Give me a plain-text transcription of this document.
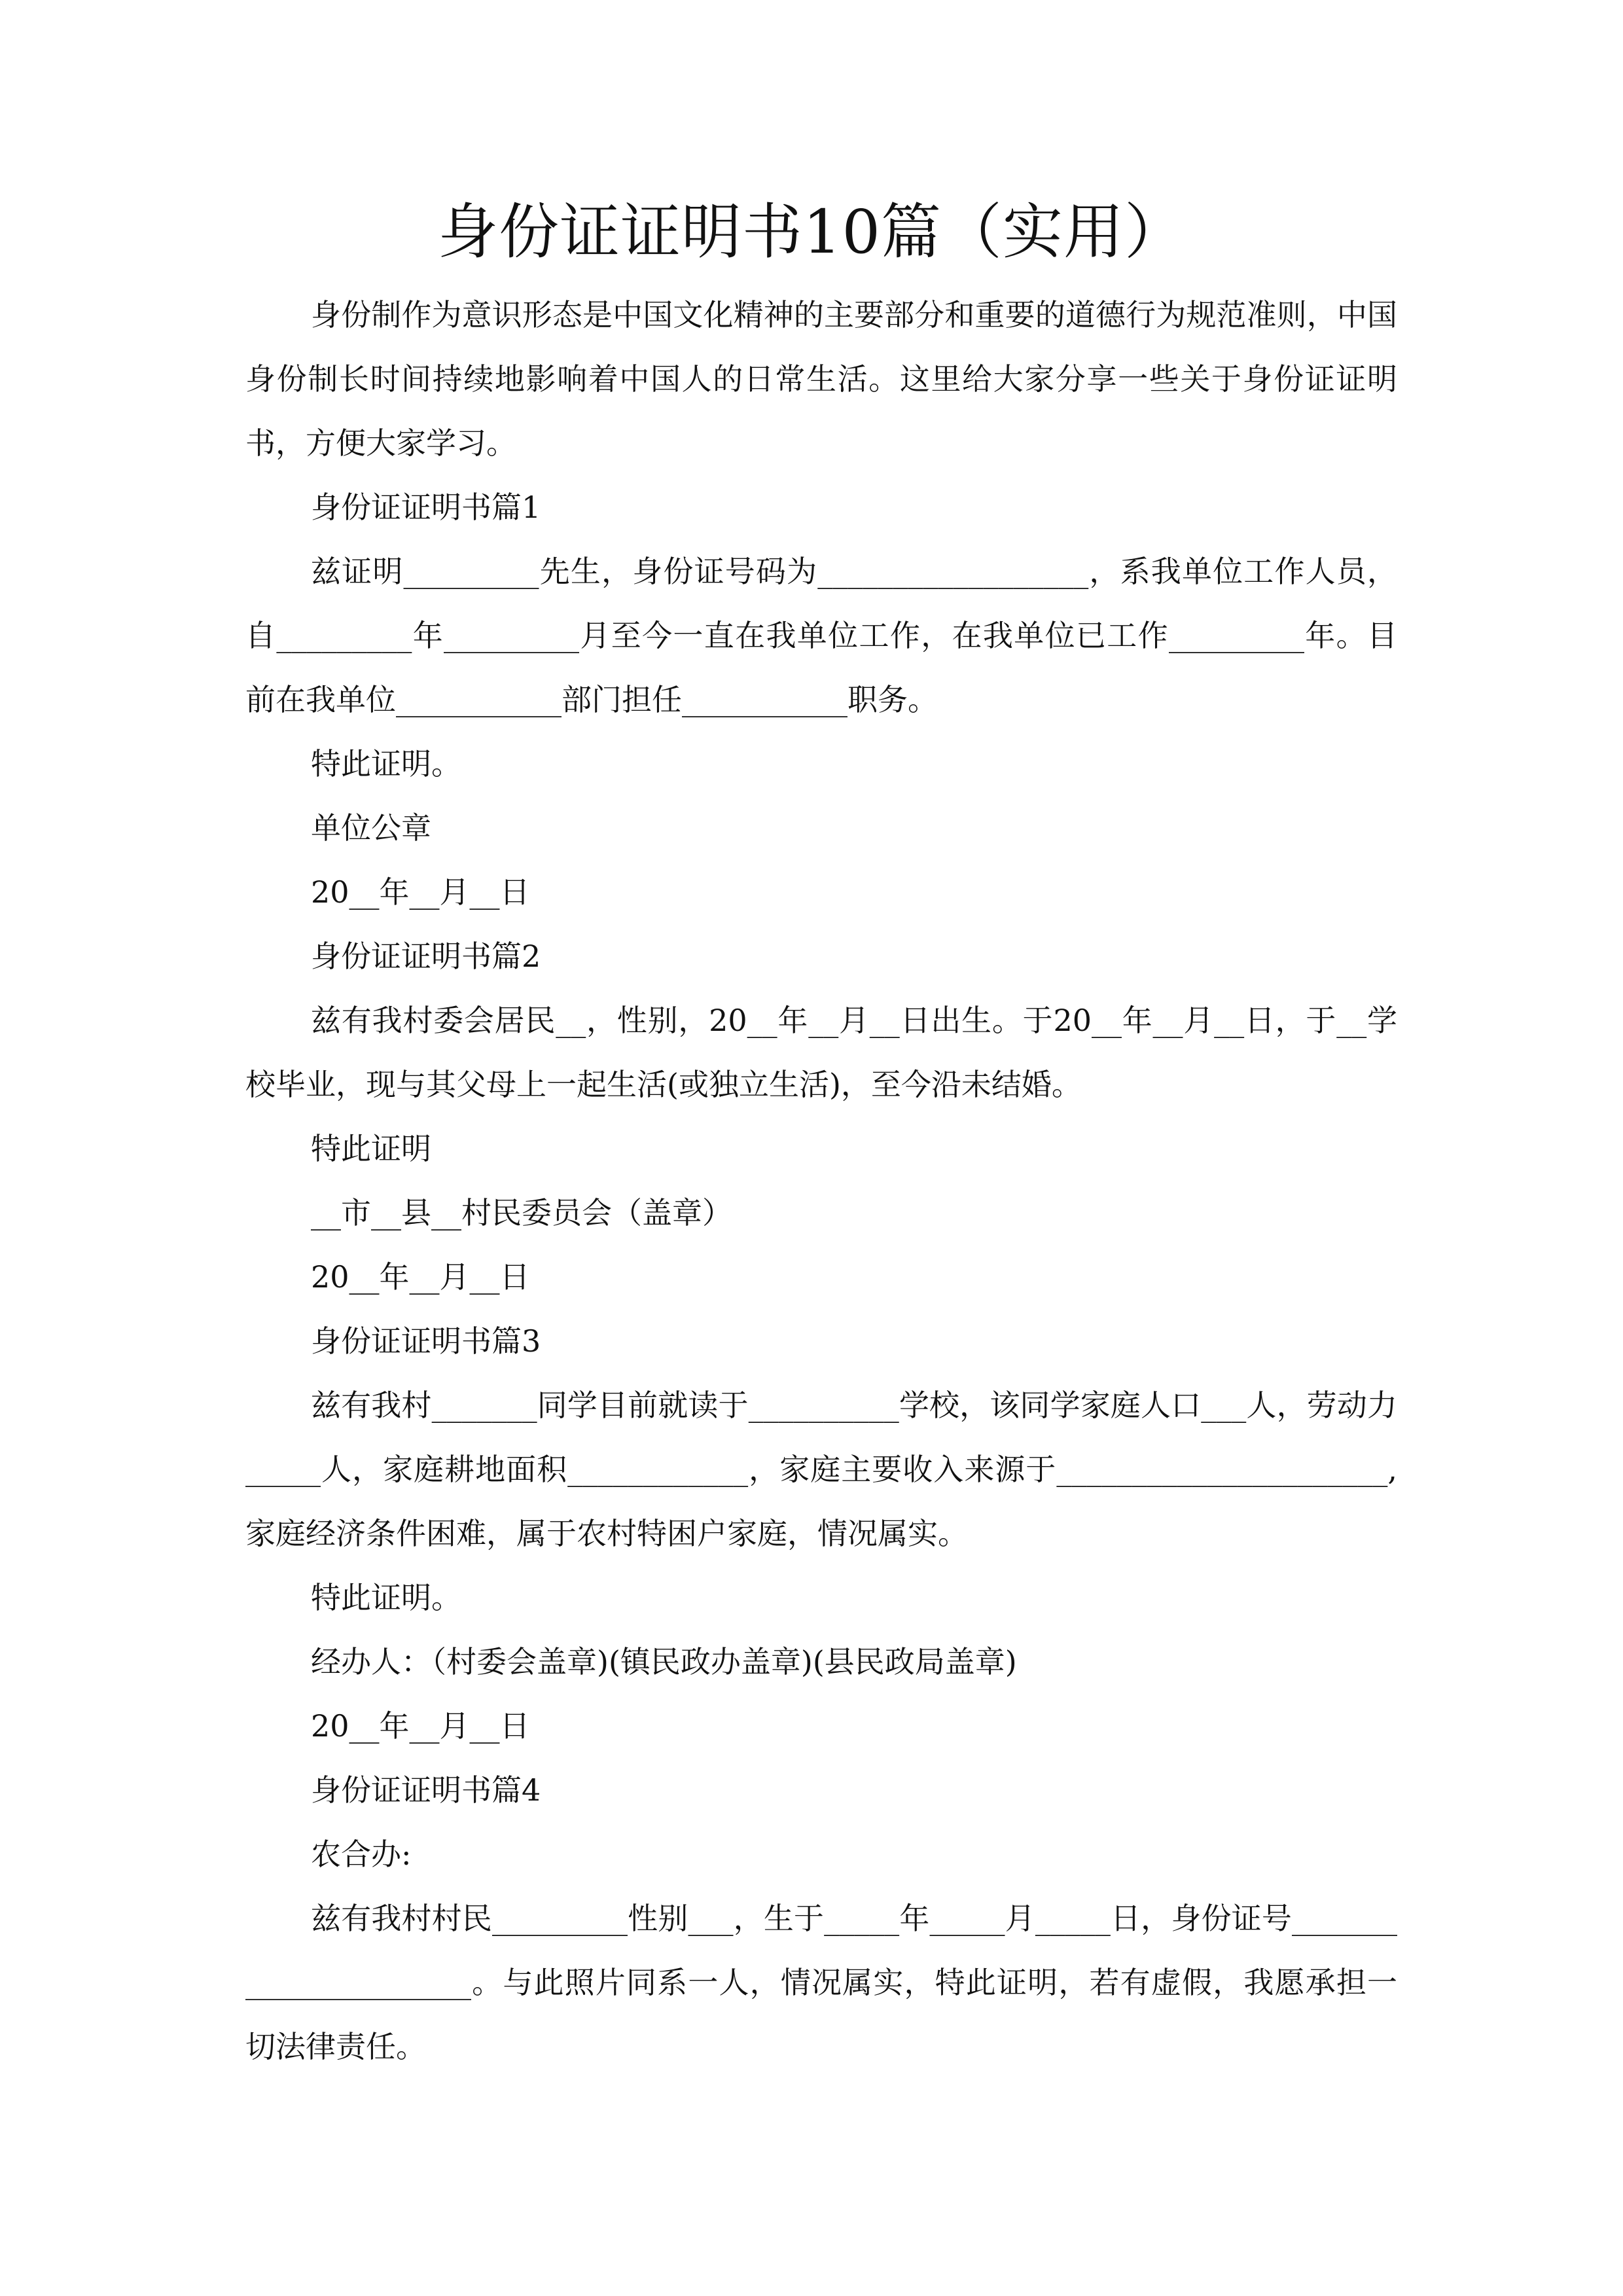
身份证证明书10篇（实用）

身份制作为意识形态是中国文化精神的主要部分和重要的道德行为规范准则，中国身份制长时间持续地影响着中国人的日常生活。这里给大家分享一些关于身份证证明书，方便大家学习。

身份证证明书篇1

兹证明_________先生，身份证号码为__________________，系我单位工作人员，自_________年_________月至今一直在我单位工作，在我单位已工作_________年。目前在我单位___________部门担任___________职务。

特此证明。

单位公章

20__年__月__日

身份证证明书篇2

兹有我村委会居民__，性别，20__年__月__日出生。于20__年__月__日，于__学校毕业，现与其父母上一起生活(或独立生活)，至今沿未结婚。

特此证明

__市__县__村民委员会（盖章）

20__年__月__日

身份证证明书篇3

兹有我村_______同学目前就读于__________学校，该同学家庭人口___人，劳动力_____人，家庭耕地面积____________，家庭主要收入来源于______________________,家庭经济条件困难，属于农村特困户家庭，情况属实。

特此证明。

经办人：（村委会盖章)(镇民政办盖章)(县民政局盖章)

20__年__月__日

身份证证明书篇4

农合办:

兹有我村村民_________性别___，生于_____年_____月_____日，身份证号______________________。与此照片同系一人，情况属实，特此证明，若有虚假，我愿承担一切法律责任。
